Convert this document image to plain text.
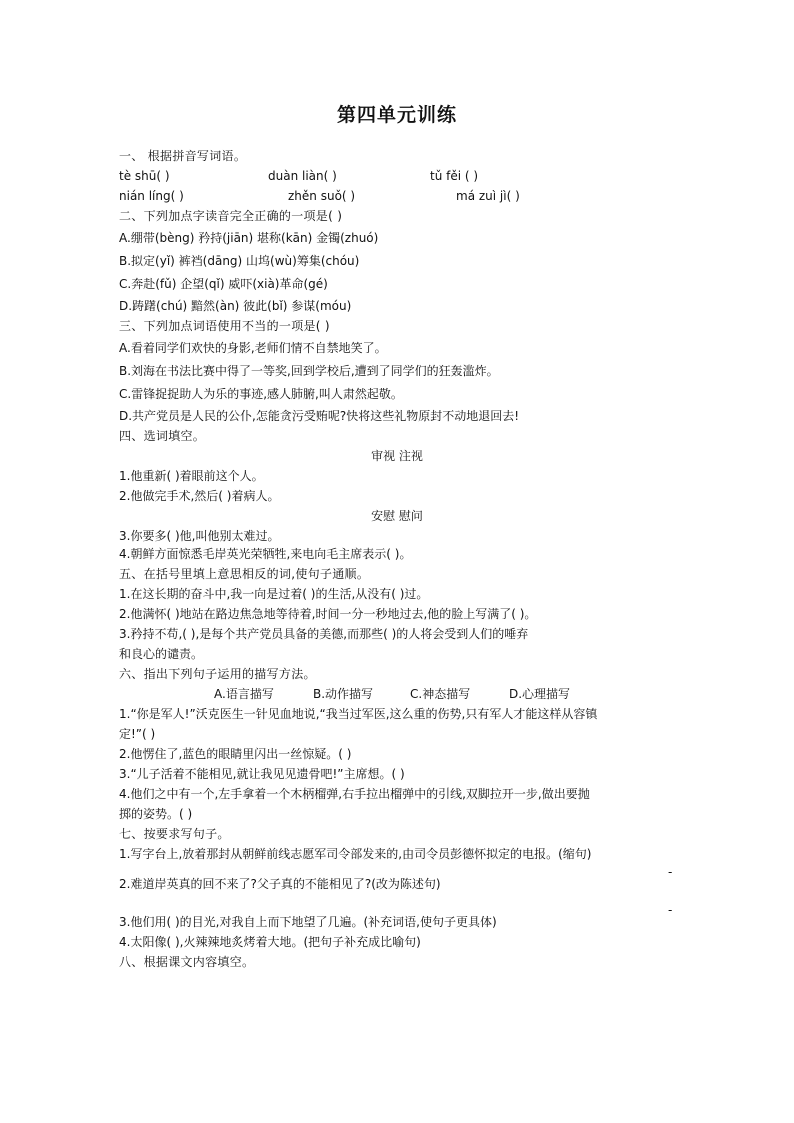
第四单元训练
一、 根据拼音写词语。
tè shū( )	duàn liàn( )	tǔ fěi ( )
nián líng( )	zhěn suǒ( )	má zuì jì( )
二、下列加点字读音完全正确的一项是( )
A.绷带(bèng) 矜持(jiān) 堪称(kān) 金镯(zhuó)
B.拟定(yǐ) 裤裆(dāng) 山坞(wù)筹集(chóu)
C.奔赴(fǔ) 企望(qǐ) 威吓(xià)革命(gé)
D.踌躇(chú) 黯然(àn) 彼此(bǐ) 参谋(móu)
三、下列加点词语使用不当的一项是( )
A.看着同学们欢快的身影,老师们情不自禁地笑了。
B.刘海在书法比赛中得了一等奖,回到学校后,遭到了同学们的狂轰滥炸。
C.雷锋捉捉助人为乐的事迹,感人肺腑,叫人肃然起敬。
D.共产党员是人民的公仆,怎能贪污受贿呢?快将这些礼物原封不动地退回去!
四、选词填空。
审视 注视
1.他重新( )着眼前这个人。
2.他做完手术,然后( )着病人。
安慰 慰问
3.你要多( )他,叫他别太难过。
4.朝鲜方面惊悉毛岸英光荣牺牲,来电向毛主席表示( )。
五、在括号里填上意思相反的词,使句子通顺。
1.在这长期的奋斗中,我一向是过着( )的生活,从没有( )过。
2.他满怀( )地站在路边焦急地等待着,时间一分一秒地过去,他的脸上写满了( )。
3.矜持不苟,( ),是每个共产党员具备的美德,而那些( )的人将会受到人们的唾弃
和良心的谴责。
六、指出下列句子运用的描写方法。
A.语言描写	B.动作描写	C.神态描写	D.心理描写
1.“你是军人!”沃克医生一针见血地说,“我当过军医,这么重的伤势,只有军人才能这样从容镇
定!”( )
2.他愣住了,蓝色的眼睛里闪出一丝惊疑。( )
3.“儿子活着不能相见,就让我见见遗骨吧!”主席想。( )
4.他们之中有一个,左手拿着一个木柄榴弹,右手拉出榴弹中的引线,双脚拉开一步,做出要抛
掷的姿势。( )
七、按要求写句子。
1.写字台上,放着那封从朝鲜前线志愿军司令部发来的,由司令员彭德怀拟定的电报。(缩句)
-
2.难道岸英真的回不来了?父子真的不能相见了?(改为陈述句)
-
3.他们用( )的目光,对我自上而下地望了几遍。(补充词语,使句子更具体)
4.太阳像( ),火辣辣地炙烤着大地。(把句子补充成比喻句)
八、根据课文内容填空。
